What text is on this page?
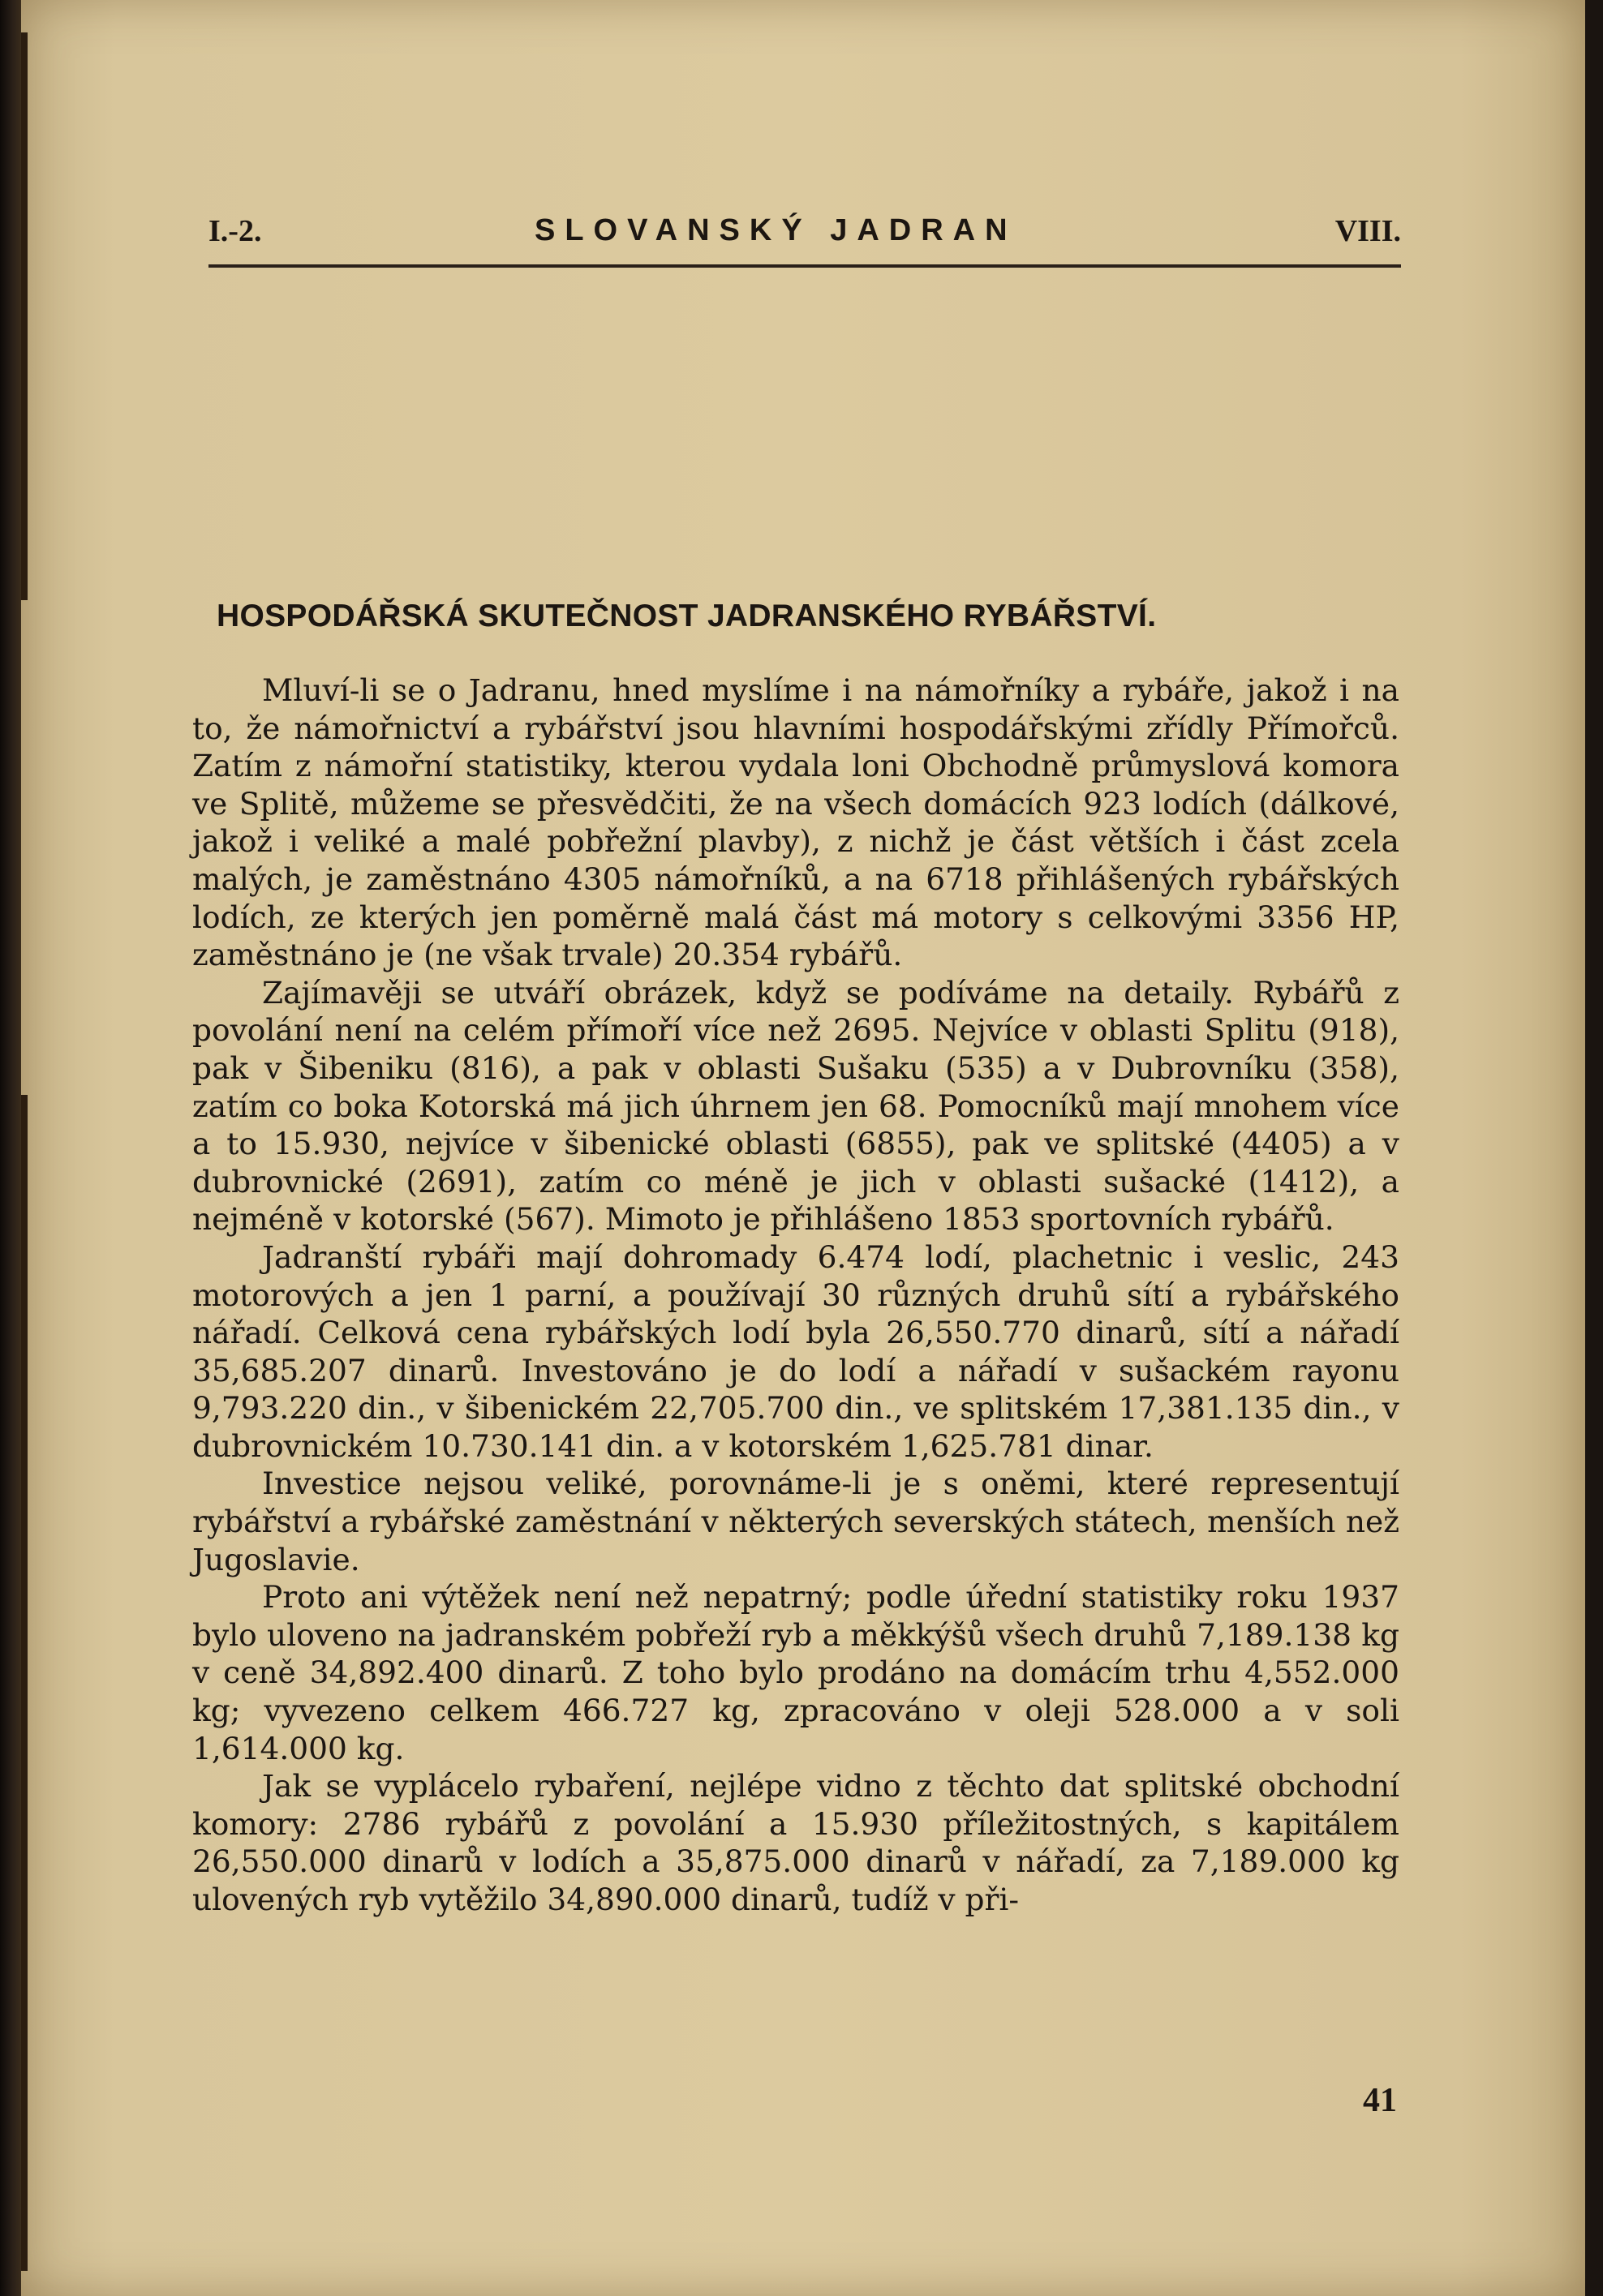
I.-2.	SLOVANSKÝ JADRAN	VIII.
HOSPODÁŘSKÁ SKUTEČNOST JADRANSKÉHO RYBÁŘSTVÍ.

Mluví-li se o Jadranu, hned myslíme i na námořníky a rybáře, jakož i na to, že námořnictví a rybářství jsou hlavními hospodářskými zřídly Přímořců. Zatím z námořní statistiky, kterou vydala loni Obchodně průmyslová komora ve Splitě, můžeme se přesvědčiti, že na všech domácích 923 lodích (dálkové, jakož i veliké a malé pobřežní plavby), z nichž je část větších i část zcela malých, je zaměstnáno 4305 námořníků, a na 6718 přihlášených rybářských lodích, ze kterých jen poměrně malá část má motory s celkovými 3356 HP, zaměstnáno je (ne však trvale) 20.354 rybářů.

Zajímavěji se utváří obrázek, když se podíváme na detaily. Rybářů z povolání není na celém přímoří více než 2695. Nejvíce v oblasti Splitu (918), pak v Šibeniku (816), a pak v oblasti Sušaku (535) a v Dubrovníku (358), zatím co boka Kotorská má jich úhrnem jen 68. Pomocníků mají mnohem více a to 15.930, nejvíce v šibenické oblasti (6855), pak ve splitské (4405) a v dubrovnické (2691), zatím co méně je jich v oblasti sušacké (1412), a nejméně v kotorské (567). Mimoto je přihlášeno 1853 sportovních rybářů.

Jadranští rybáři mají dohromady 6.474 lodí, plachetnic i veslic, 243 motorových a jen 1 parní, a používají 30 různých druhů sítí a rybářského nářadí. Celková cena rybářských lodí byla 26,550.770 dinarů, sítí a nářadí 35,685.207 dinarů. Investováno je do lodí a nářadí v sušackém rayonu 9,793.220 din., v šibenickém 22,705.700 din., ve splitském 17,381.135 din., v dubrovnickém 10.730.141 din. a v kotorském 1,625.781 dinar.

Investice nejsou veliké, porovnáme-li je s oněmi, které representují rybářství a rybářské zaměstnání v některých severských státech, menších než Jugoslavie.

Proto ani výtěžek není než nepatrný; podle úřední statistiky roku 1937 bylo uloveno na jadranském pobřeží ryb a měkkýšů všech druhů 7,189.138 kg v ceně 34,892.400 dinarů. Z toho bylo prodáno na domácím trhu 4,552.000 kg; vyvezeno celkem 466.727 kg, zpracováno v oleji 528.000 a v soli 1,614.000 kg.

Jak se vyplácelo rybaření, nejlépe vidno z těchto dat splitské obchodní komory: 2786 rybářů z povolání a 15.930 příležitostných, s kapitálem 26,550.000 dinarů v lodích a 35,875.000 dinarů v nářadí, za 7,189.000 kg ulovených ryb vytěžilo 34,890.000 dinarů, tudíž v při-

41
